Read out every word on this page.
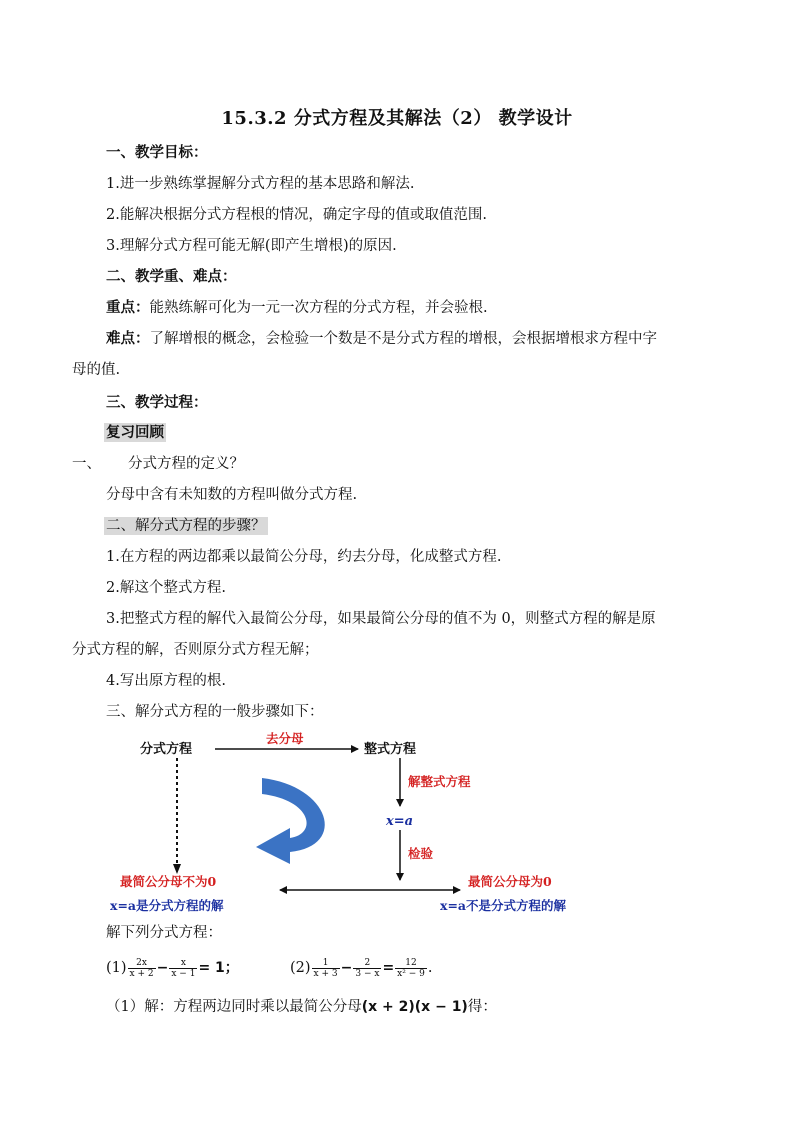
15.3.2 分式方程及其解法（2） 教学设计
一、教学目标：
1.进一步熟练掌握解分式方程的基本思路和解法.
2.能解决根据分式方程根的情况，确定字母的值或取值范围.
3.理解分式方程可能无解(即产生增根)的原因.
二、教学重、难点：
重点：能熟练解可化为一元一次方程的分式方程，并会验根.
难点：了解增根的概念，会检验一个数是不是分式方程的增根，会根据增根求方程中字
母的值.
三、教学过程：
复习回顾
一、 分式方程的定义？
分母中含有未知数的方程叫做分式方程.
二、解分式方程的步骤？
1.在方程的两边都乘以最简公分母，约去分母，化成整式方程.
2.解这个整式方程.
3.把整式方程的解代入最简公分母，如果最简公分母的值不为 0，则整式方程的解是原
分式方程的解，否则原分式方程无解；
4.写出原方程的根.
三、解分式方程的一般步骤如下：
分式方程
去分母
整式方程
解整式方程
x=a
检验
最简公分母不为0	最简公分母为0
x=a是分式方程的解	x=a不是分式方程的解
解下列分式方程：
$(1) \frac{2x}{x + 2} - \frac{x}{x - 1} = 1$；	$(2) \frac{1}{x + 3} - \frac{2}{3 - x} = \frac{12}{\text{x² − 9}}$ .
（1）解：方程两边同时乘以最简公分母(x + 2)(x − 1)得：
